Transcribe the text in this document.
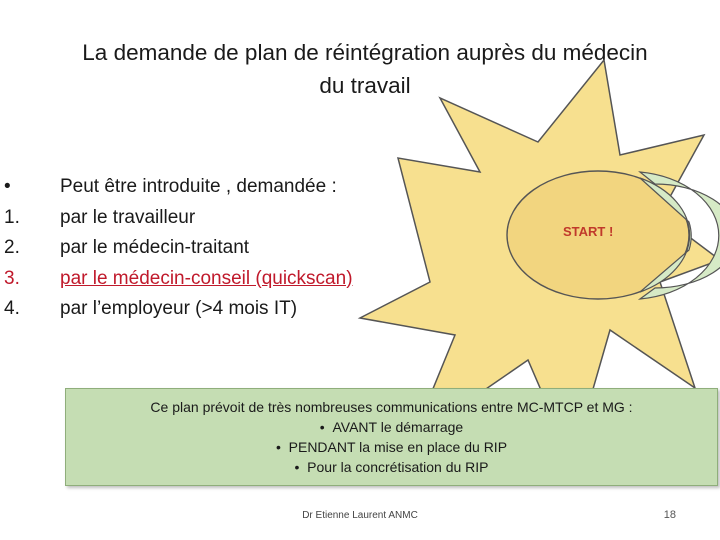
La demande de plan de réintégration auprès du médecin
du travail
START !
•	Peut être introduite , demandée :
1.	par le travailleur
2.	par le médecin-traitant
3.	par le médecin-conseil (quickscan)
4.	par l’employeur (>4 mois IT)
Ce plan prévoit de très nombreuses communications entre MC-MTCP et MG :
• AVANT le démarrage
• PENDANT la mise en place du RIP
• Pour la concrétisation du RIP
Dr Etienne Laurent ANMC	18
